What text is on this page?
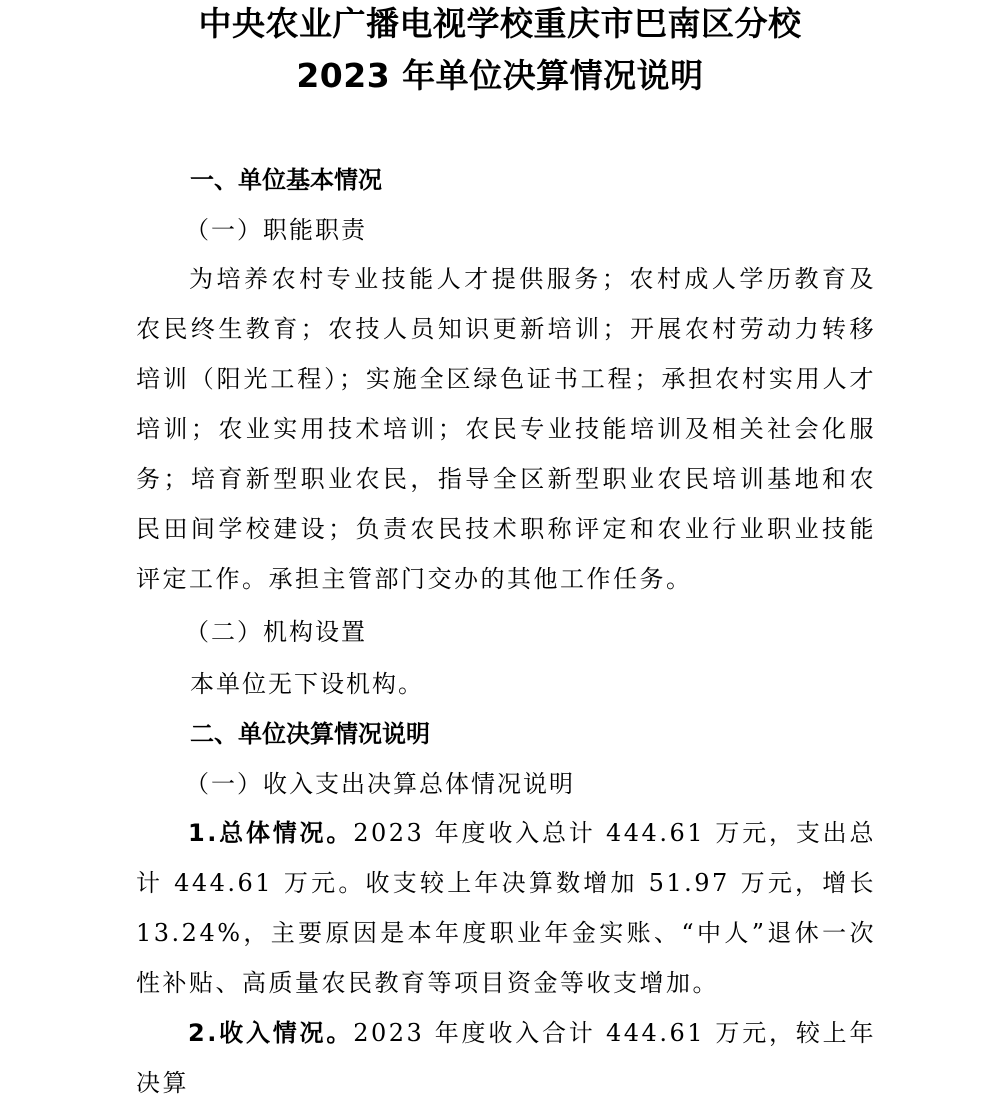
中央农业广播电视学校重庆市巴南区分校
2023 年单位决算情况说明
一、单位基本情况
（一）职能职责
为培养农村专业技能人才提供服务；农村成人学历教育及农民终生教育；农技人员知识更新培训；开展农村劳动力转移培训（阳光工程）；实施全区绿色证书工程；承担农村实用人才培训；农业实用技术培训；农民专业技能培训及相关社会化服务；培育新型职业农民，指导全区新型职业农民培训基地和农民田间学校建设；负责农民技术职称评定和农业行业职业技能评定工作。承担主管部门交办的其他工作任务。
（二）机构设置
本单位无下设机构。
二、单位决算情况说明
（一）收入支出决算总体情况说明
1.总体情况。2023 年度收入总计 444.61 万元，支出总计 444.61 万元。收支较上年决算数增加 51.97 万元，增长 13.24%，主要原因是本年度职业年金实账、“中人”退休一次性补贴、高质量农民教育等项目资金等收支增加。
2.收入情况。2023 年度收入合计 444.61 万元，较上年决算
